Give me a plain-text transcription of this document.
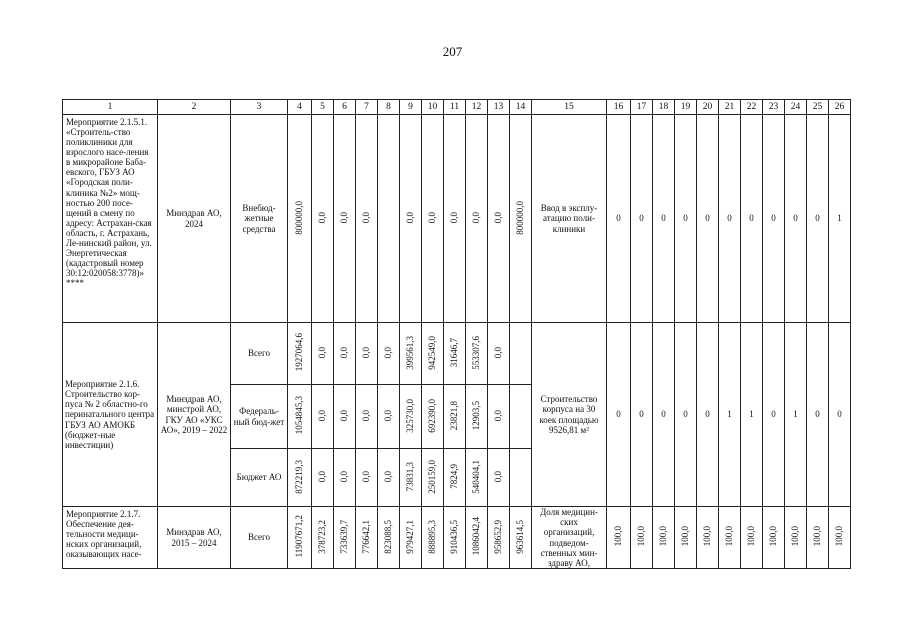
207
1	2	3	4	5	6	7	8	9	10	11	12	13	14	15	16	17	18	19	20	21	22	23	24	25	26
Мероприятие 2.1.5.1. «Строитель-ство поликлиники для взрослого насе-ления в микрорайоне Баба-евского, ГБУЗ АО «Городская поли-клиника №2» мощ-ностью 200 посе-щений в смену по адресу: Астрахан-ская область, г. Астрахань, Ле-нинский район, ул. Энергетическая (кадастровый номер 30:12:020058:3778)» ****	Минздрав АО, 2024	Внебюд-жетные средства	800000,0	0,0	0,0	0,0		0,0	0,0	0,0	0,0	0,0	800000,0	Ввод в эксплу-атацию поли-клиники	0	0	0	0	0	0	0	0	0	0	1
Мероприятие 2.1.6. Строительство кор-пуса № 2 областно-го перинатального центра ГБУЗ АО АМОКБ (бюджет-ные инвестиции)	Минздрав АО, минстрой АО, ГКУ АО «УКС АО», 2019 – 2022	Всего	1927064,6	0,0	0,0	0,0	0,0	399561,3	942549,0	31646,7	553307,6	0,0		Строительство корпуса на 30 коек площадью 9526,81 м²	0	0	0	0	0	1	1	0	1	0	0
		Федераль-ный бюд-жет	1054845,3	0,0	0,0	0,0	0,0	325730,0	692390,0	23821,8	12903,5	0,0													
		Бюджет АО	872219,3	0,0	0,0	0,0	0,0	73831,3	250159,0	7824,9	540404,1	0,0													
Мероприятие 2.1.7. Обеспечение дея-тельности медици-нских организаций, оказывающих насе-	Минздрав АО, 2015 – 2024	Всего	11907671,2	378723,2	733639,7	776642,1	823088,5	979427,1	888895,3	910436,5	1086042,4	958652,9	963614,5	Доля медицин-ских организаций, подведом-ственных мин-здраву АО,	100,0	100,0	100,0	100,0	100,0	100,0	100,0	100,0	100,0	100,0	100,0
